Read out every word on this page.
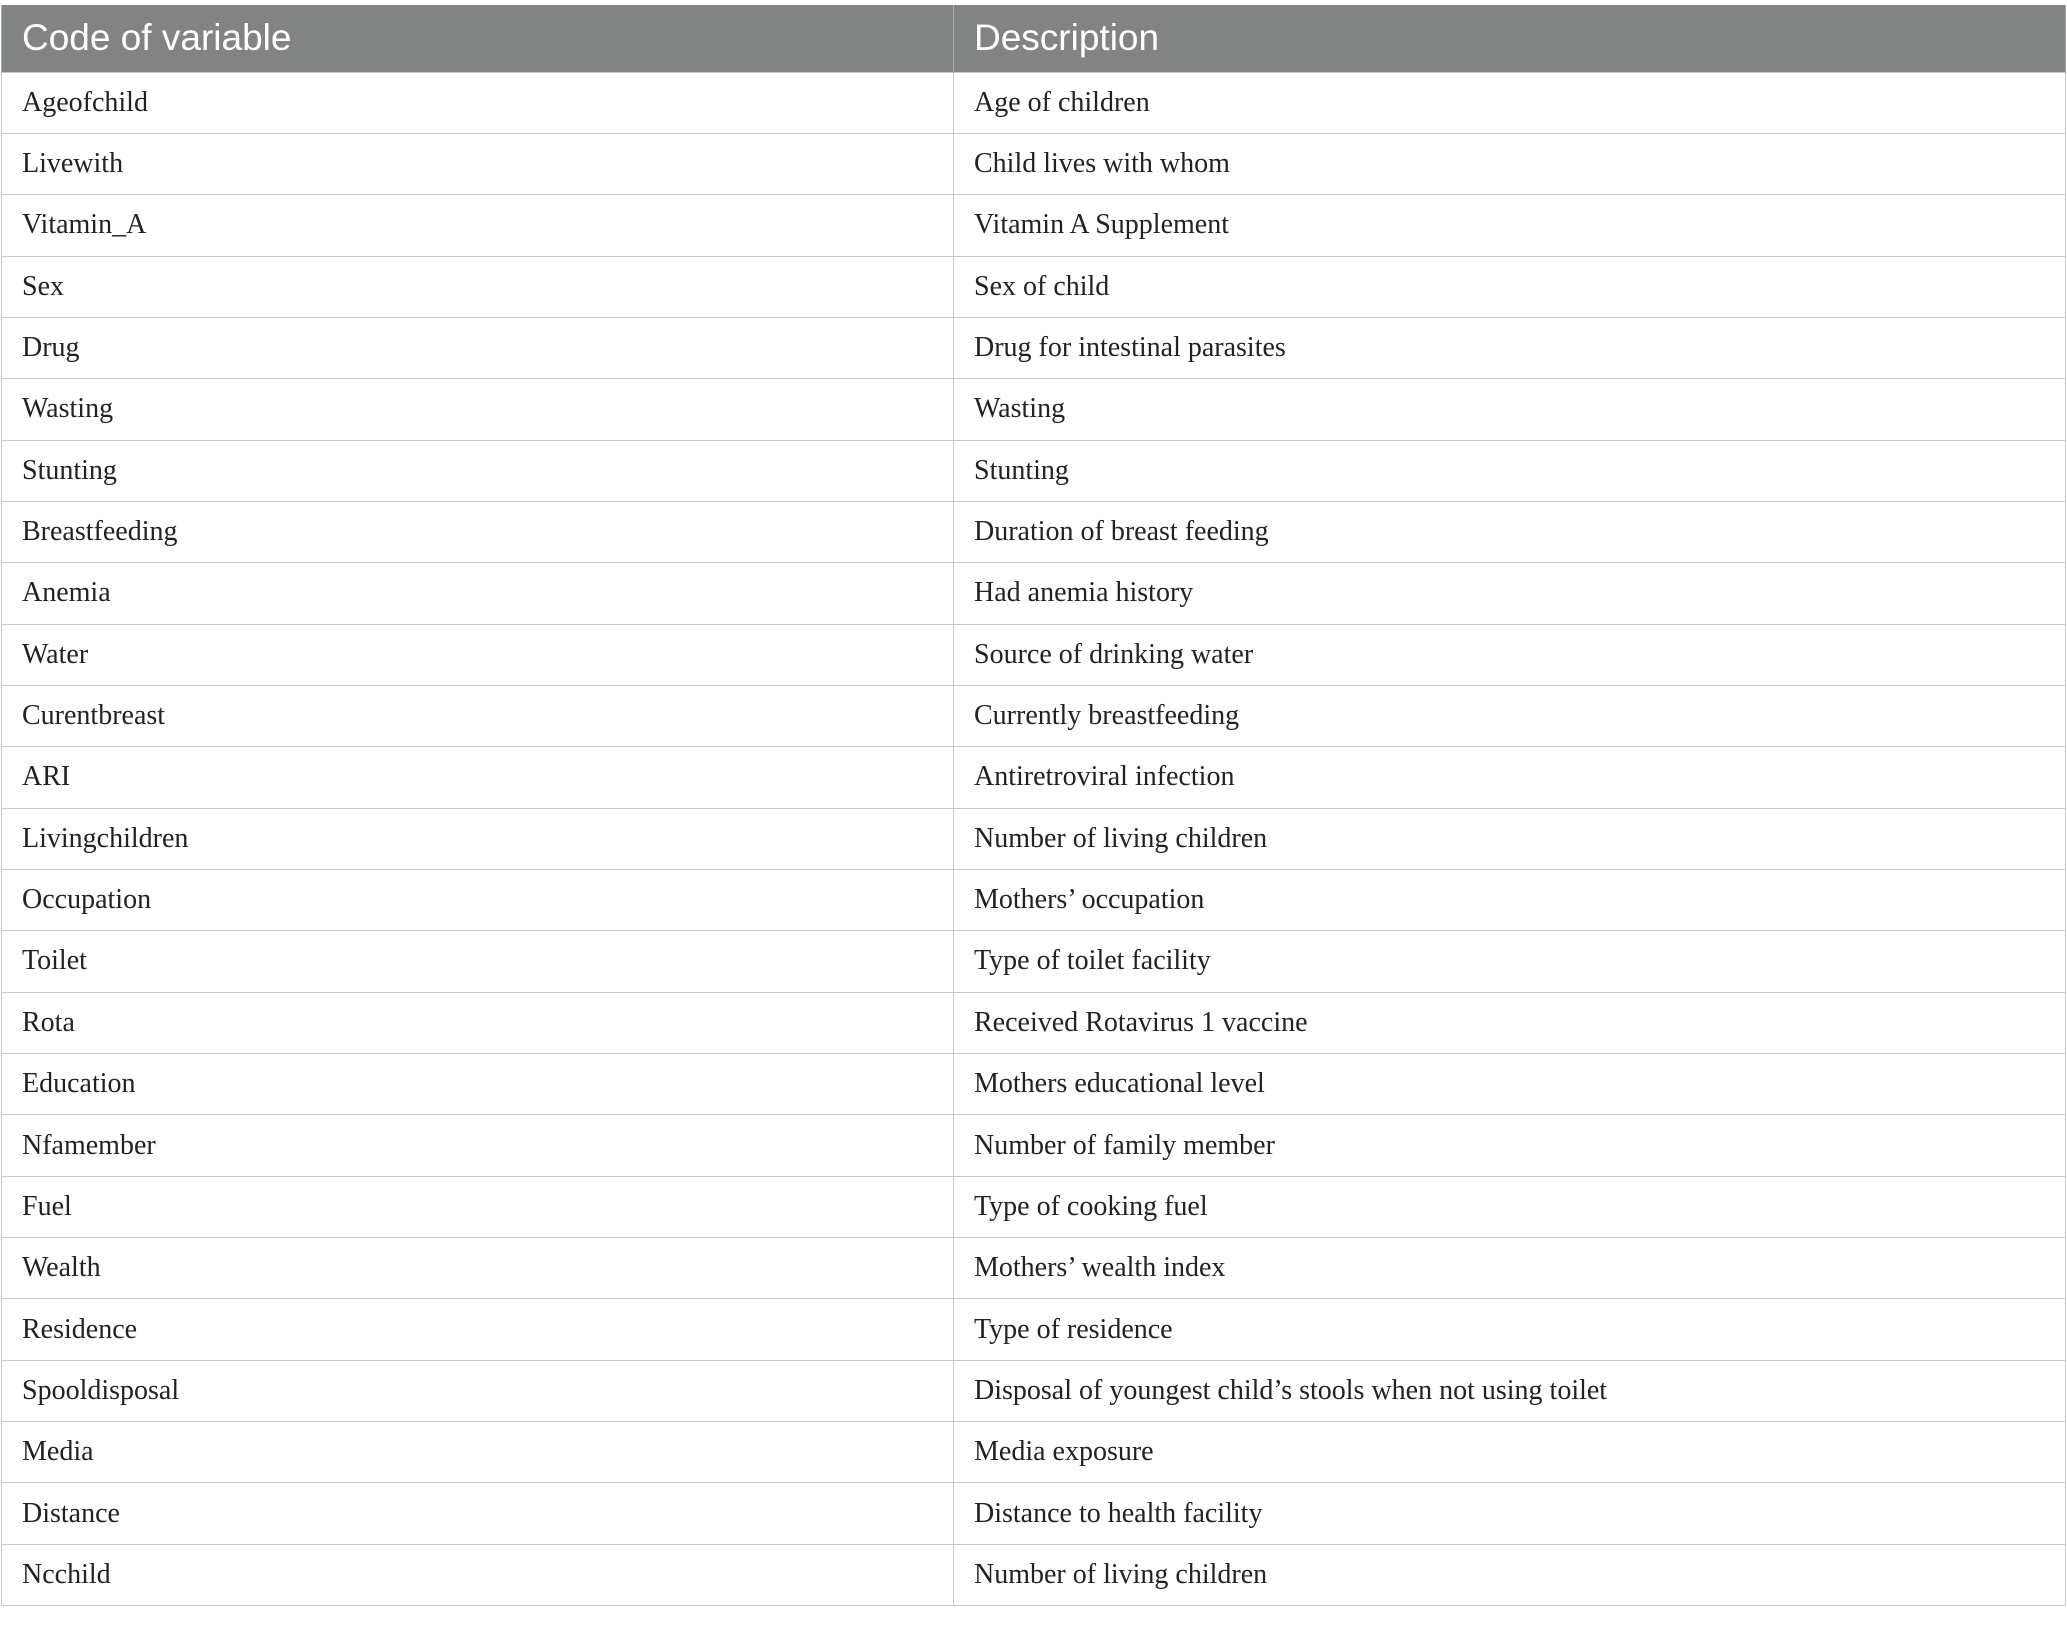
Code of variable	Description
Ageofchild	Age of children
Livewith	Child lives with whom
Vitamin_A	Vitamin A Supplement
Sex	Sex of child
Drug	Drug for intestinal parasites
Wasting	Wasting
Stunting	Stunting
Breastfeeding	Duration of breast feeding
Anemia	Had anemia history
Water	Source of drinking water
Curentbreast	Currently breastfeeding
ARI	Antiretroviral infection
Livingchildren	Number of living children
Occupation	Mothers’ occupation
Toilet	Type of toilet facility
Rota	Received Rotavirus 1 vaccine
Education	Mothers educational level
Nfamember	Number of family member
Fuel	Type of cooking fuel
Wealth	Mothers’ wealth index
Residence	Type of residence
Spooldisposal	Disposal of youngest child’s stools when not using toilet
Media	Media exposure
Distance	Distance to health facility
Ncchild	Number of living children
